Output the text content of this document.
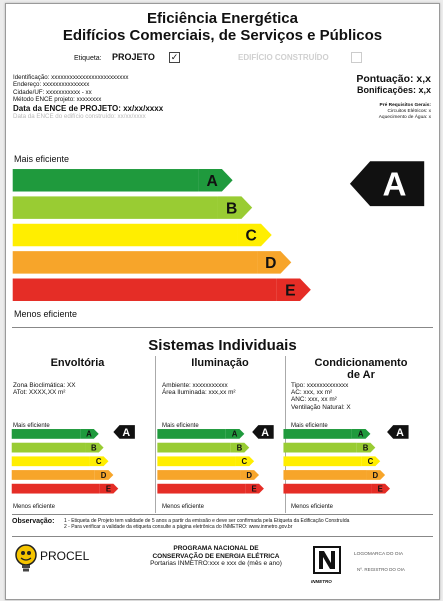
Eficiência Energética
Edifícios Comerciais, de Serviços e Públicos
Etiqueta: PROJETO ✓	EDIFÍCIO CONSTRUÍDO
Identificação: xxxxxxxxxxxxxxxxxxxxxxxxx
Endereço: xxxxxxxxxxxxxxx
Cidade/UF: xxxxxxxxxxx - xx
Método ENCE projeto: xxxxxxxx
Data da ENCE de PROJETO: xx/xx/xxxx
Data da ENCE do edifício construído: xx/xx/xxxx
Pontuação: x,x
Bonificações: x,x
Pré Requisitos Gerais:
Circuitos Elétricos: x
Aquecimento de Água: x
Mais eficiente
Menos eficiente
Sistemas Individuais
Envoltória
Zona Bioclimática: XX
ATot: XXXX,XX m²
Mais eficiente
Menos eficiente
Iluminação
Ambiente: xxxxxxxxxxx
Área Iluminada: xxx,xx m²
Mais eficiente
Menos eficiente
Condicionamento
de Ar
Tipo: xxxxxxxxxxxxx
AC: xxx, xx m²
ANC: xxx, xx m²
Ventilação Natural: X
Mais eficiente
Menos eficiente
Observação: 1 - Etiqueta de Projeto tem validade de 5 anos a partir da emissão e deve ser confirmada pela Etiqueta da Edificação Construída
2 - Para verificar a validade da etiqueta consulte a página eletrônica do INMETRO: www.inmetro.gov.br
PROCEL
PROGRAMA NACIONAL DE
CONSERVAÇÃO DE ENERGIA ELÉTRICA
Portarias INMETRO:xxx e xxx de (mês e ano)
INMETRO
LOGOMARCA DO OIA
Nº. REGISTRO DO OIA
A
B
C
D
E
A
A
B
C
D
E
A	A
B
C
D
E
A	A
B
C
D
E
A
